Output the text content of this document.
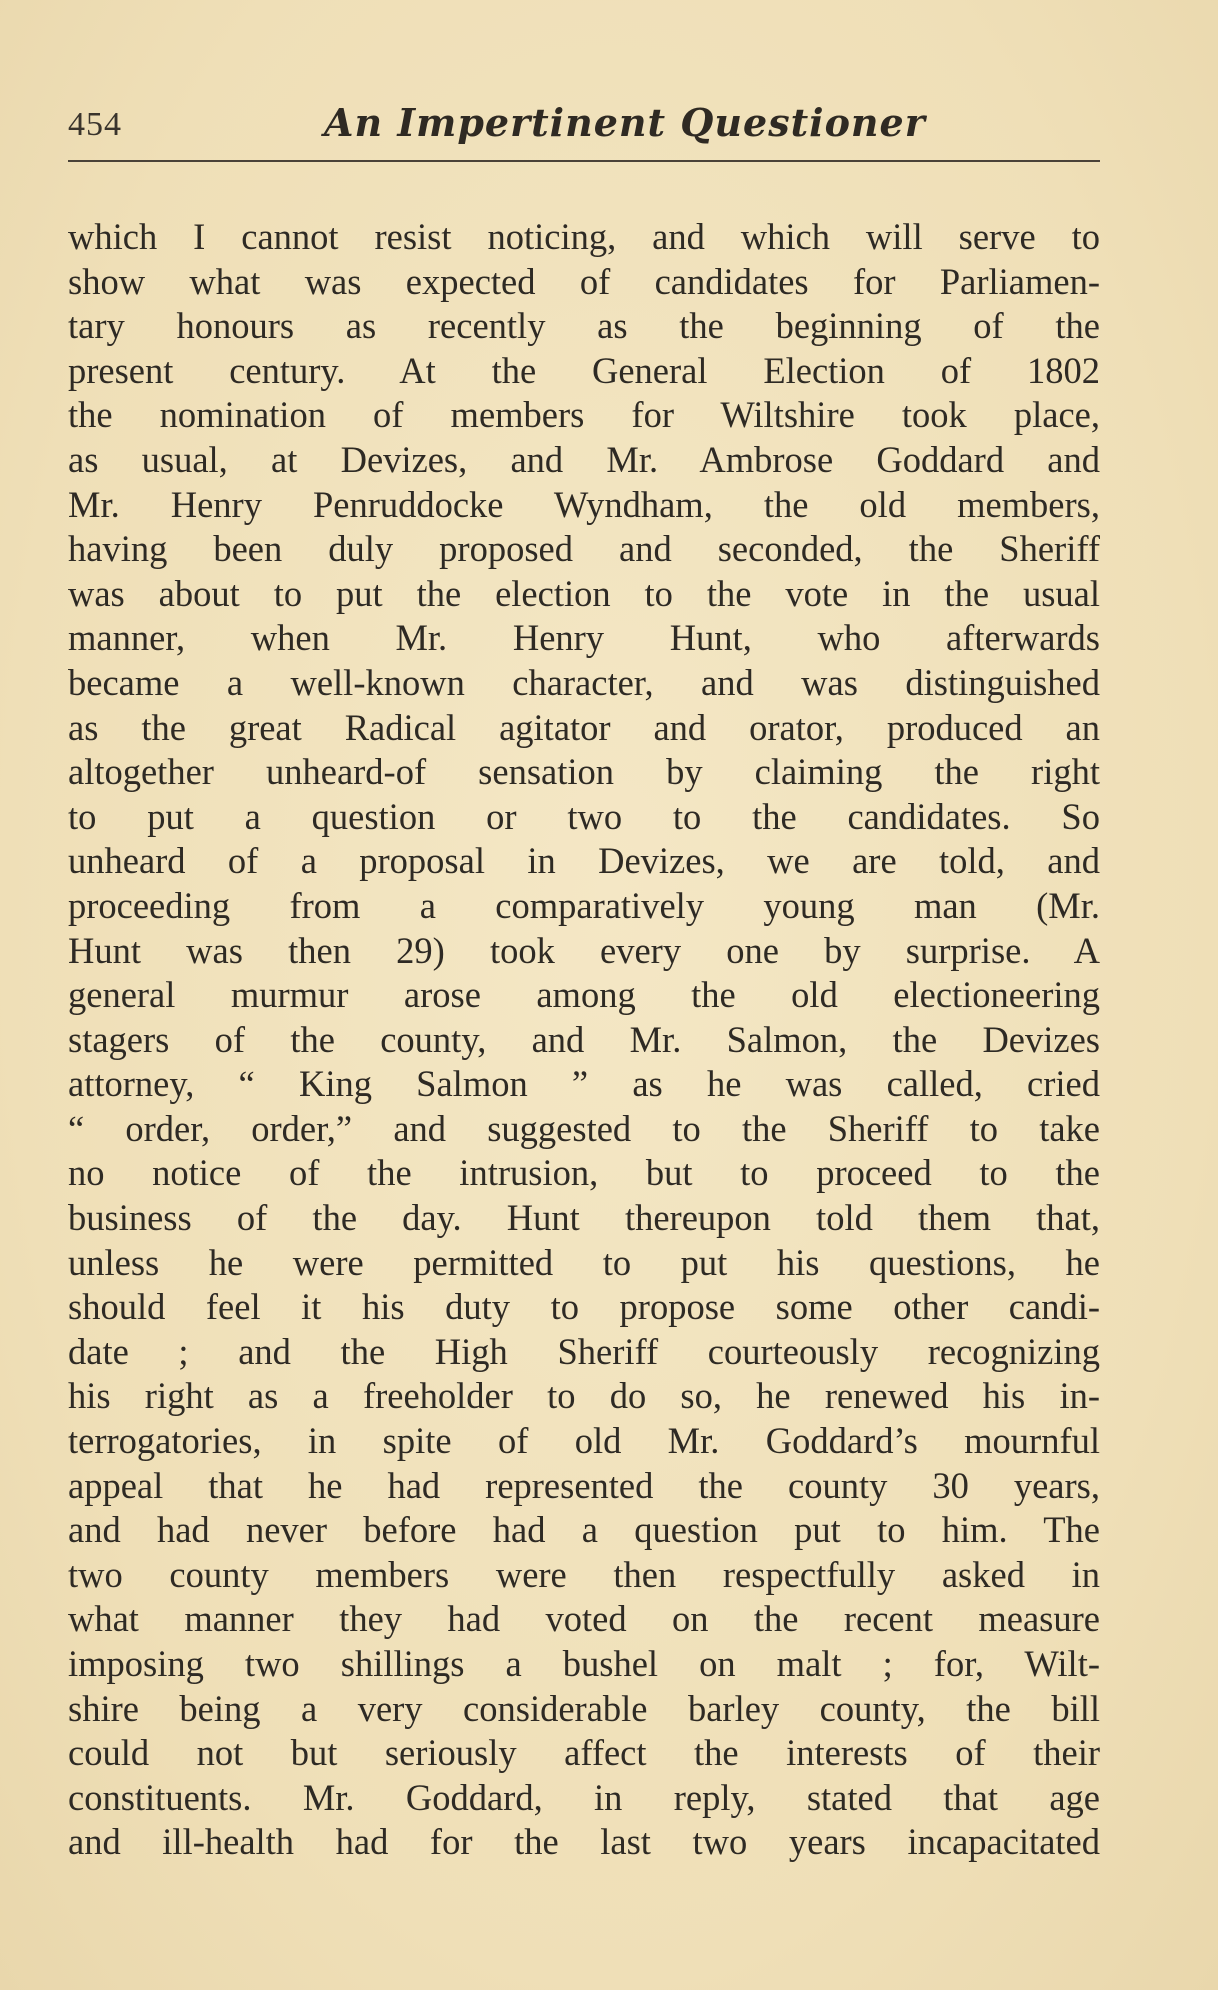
454	An Impertinent Questioner
which I cannot resist noticing, and which will serve to
show what was expected of candidates for Parliamen-
tary honours as recently as the beginning of the
present century. At the General Election of 1802
the nomination of members for Wiltshire took place,
as usual, at Devizes, and Mr. Ambrose Goddard and
Mr. Henry Penruddocke Wyndham, the old members,
having been duly proposed and seconded, the Sheriff
was about to put the election to the vote in the usual
manner, when Mr. Henry Hunt, who afterwards
became a well-known character, and was distinguished
as the great Radical agitator and orator, produced an
altogether unheard-of sensation by claiming the right
to put a question or two to the candidates. So
unheard of a proposal in Devizes, we are told, and
proceeding from a comparatively young man (Mr.
Hunt was then 29) took every one by surprise. A
general murmur arose among the old electioneering
stagers of the county, and Mr. Salmon, the Devizes
attorney, “ King Salmon ” as he was called, cried
“ order, order,” and suggested to the Sheriff to take
no notice of the intrusion, but to proceed to the
business of the day. Hunt thereupon told them that,
unless he were permitted to put his questions, he
should feel it his duty to propose some other candi-
date ; and the High Sheriff courteously recognizing
his right as a freeholder to do so, he renewed his in-
terrogatories, in spite of old Mr. Goddard’s mournful
appeal that he had represented the county 30 years,
and had never before had a question put to him. The
two county members were then respectfully asked in
what manner they had voted on the recent measure
imposing two shillings a bushel on malt ; for, Wilt-
shire being a very considerable barley county, the bill
could not but seriously affect the interests of their
constituents. Mr. Goddard, in reply, stated that age
and ill-health had for the last two years incapacitated
